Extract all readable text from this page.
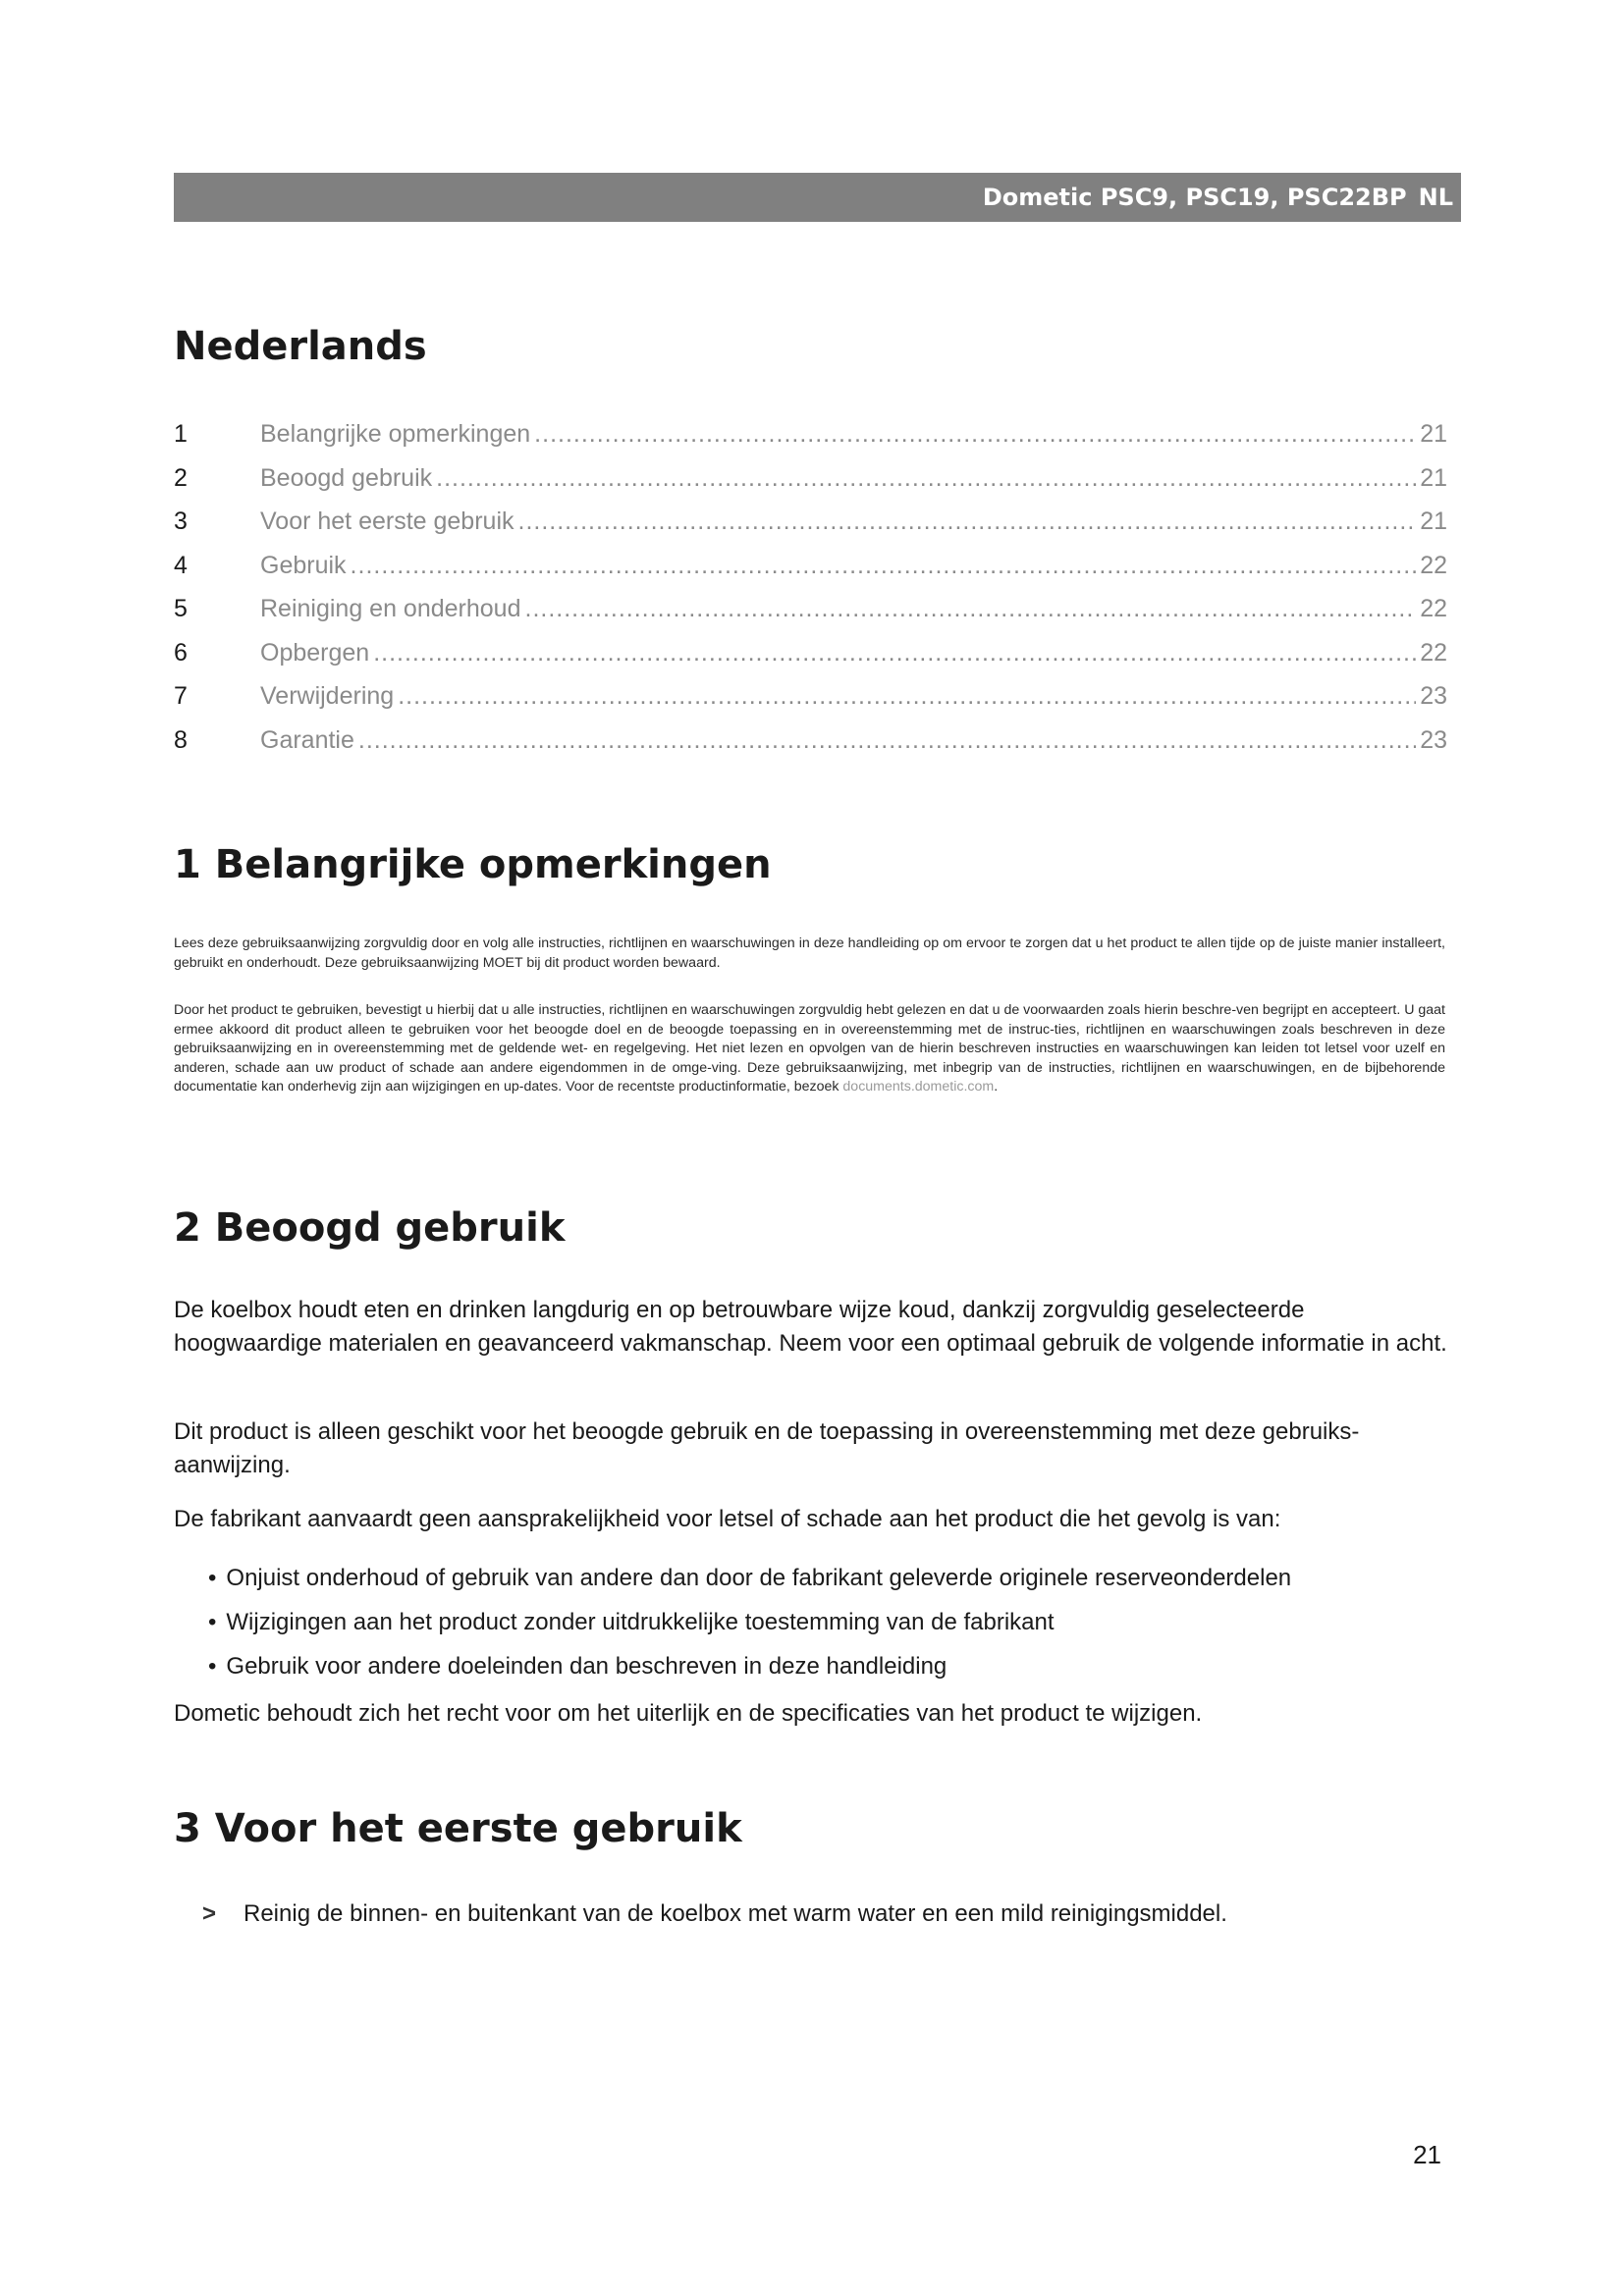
Dometic PSC9, PSC19, PSC22BP NL
Nederlands
1	Belangrijke opmerkingen .....	21
2	Beoogd gebruik .....	21
3	Voor het eerste gebruik .....	21
4	Gebruik .....	22
5	Reiniging en onderhoud .....	22
6	Opbergen .....	22
7	Verwijdering .....	23
8	Garantie .....	23
1 Belangrijke opmerkingen

Lees deze gebruiksaanwijzing zorgvuldig door en volg alle instructies, richtlijnen en waarschuwingen in deze handleiding op om ervoor te zorgen dat u het product te allen tijde op de juiste manier installeert, gebruikt en onderhoudt. Deze gebruiksaanwijzing MOET bij dit product worden bewaard.

Door het product te gebruiken, bevestigt u hierbij dat u alle instructies, richtlijnen en waarschuwingen zorgvuldig hebt gelezen en dat u de voorwaarden zoals hierin beschre-ven begrijpt en accepteert. U gaat ermee akkoord dit product alleen te gebruiken voor het beoogde doel en de beoogde toepassing en in overeenstemming met de instruc-ties, richtlijnen en waarschuwingen zoals beschreven in deze gebruiksaanwijzing en in overeenstemming met de geldende wet- en regelgeving. Het niet lezen en opvolgen van de hierin beschreven instructies en waarschuwingen kan leiden tot letsel voor uzelf en anderen, schade aan uw product of schade aan andere eigendommen in de omge-ving. Deze gebruiksaanwijzing, met inbegrip van de instructies, richtlijnen en waarschuwingen, en de bijbehorende documentatie kan onderhevig zijn aan wijzigingen en up-dates. Voor de recentste productinformatie, bezoek documents.dometic.com.

2 Beoogd gebruik

De koelbox houdt eten en drinken langdurig en op betrouwbare wijze koud, dankzij zorgvuldig geselecteerde hoogwaardige materialen en geavanceerd vakmanschap. Neem voor een optimaal gebruik de volgende informatie in acht.

Dit product is alleen geschikt voor het beoogde gebruik en de toepassing in overeenstemming met deze gebruiks-aanwijzing.

De fabrikant aanvaardt geen aansprakelijkheid voor letsel of schade aan het product die het gevolg is van:

• Onjuist onderhoud of gebruik van andere dan door de fabrikant geleverde originele reserveonderdelen
• Wijzigingen aan het product zonder uitdrukkelijke toestemming van de fabrikant
• Gebruik voor andere doeleinden dan beschreven in deze handleiding

Dometic behoudt zich het recht voor om het uiterlijk en de specificaties van het product te wijzigen.

3 Voor het eerste gebruik
>	Reinig de binnen- en buitenkant van de koelbox met warm water en een mild reinigingsmiddel.
21
